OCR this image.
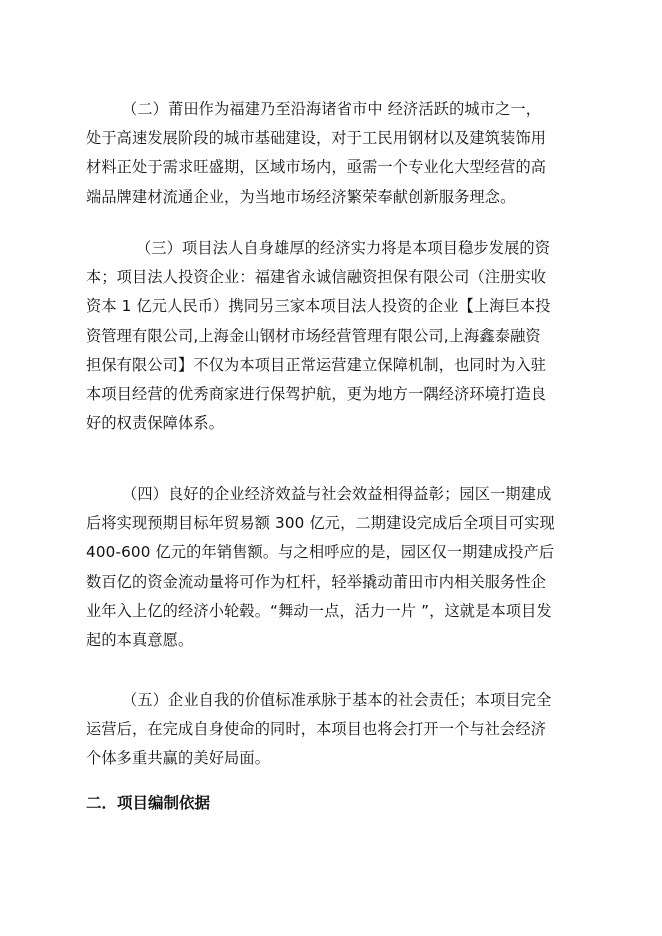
（二）莆田作为福建乃至沿海诸省市中 经济活跃的城市之一，
处于高速发展阶段的城市基础建设，对于工民用钢材以及建筑装饰用
材料正处于需求旺盛期，区域市场内，亟需一个专业化大型经营的高
端品牌建材流通企业，为当地市场经济繁荣奉献创新服务理念。
（三）项目法人自身雄厚的经济实力将是本项目稳步发展的资
本；项目法人投资企业：福建省永诚信融资担保有限公司（注册实收
资本 1 亿元人民币）携同另三家本项目法人投资的企业【上海巨本投
资管理有限公司,上海金山钢材市场经营管理有限公司,上海鑫泰融资
担保有限公司】不仅为本项目正常运营建立保障机制，也同时为入驻
本项目经营的优秀商家进行保驾护航，更为地方一隅经济环境打造良
好的权责保障体系。
（四）良好的企业经济效益与社会效益相得益彰；园区一期建成
后将实现预期目标年贸易额 300 亿元，二期建设完成后全项目可实现
400-600 亿元的年销售额。与之相呼应的是，园区仅一期建成投产后
数百亿的资金流动量将可作为杠杆，轻举撬动莆田市内相关服务性企
业年入上亿的经济小轮毂。“舞动一点，活力一片 ”，这就是本项目发
起的本真意愿。
（五）企业自我的价值标准承脉于基本的社会责任；本项目完全
运营后，在完成自身使命的同时，本项目也将会打开一个与社会经济
个体多重共赢的美好局面。
二．项目编制依据
